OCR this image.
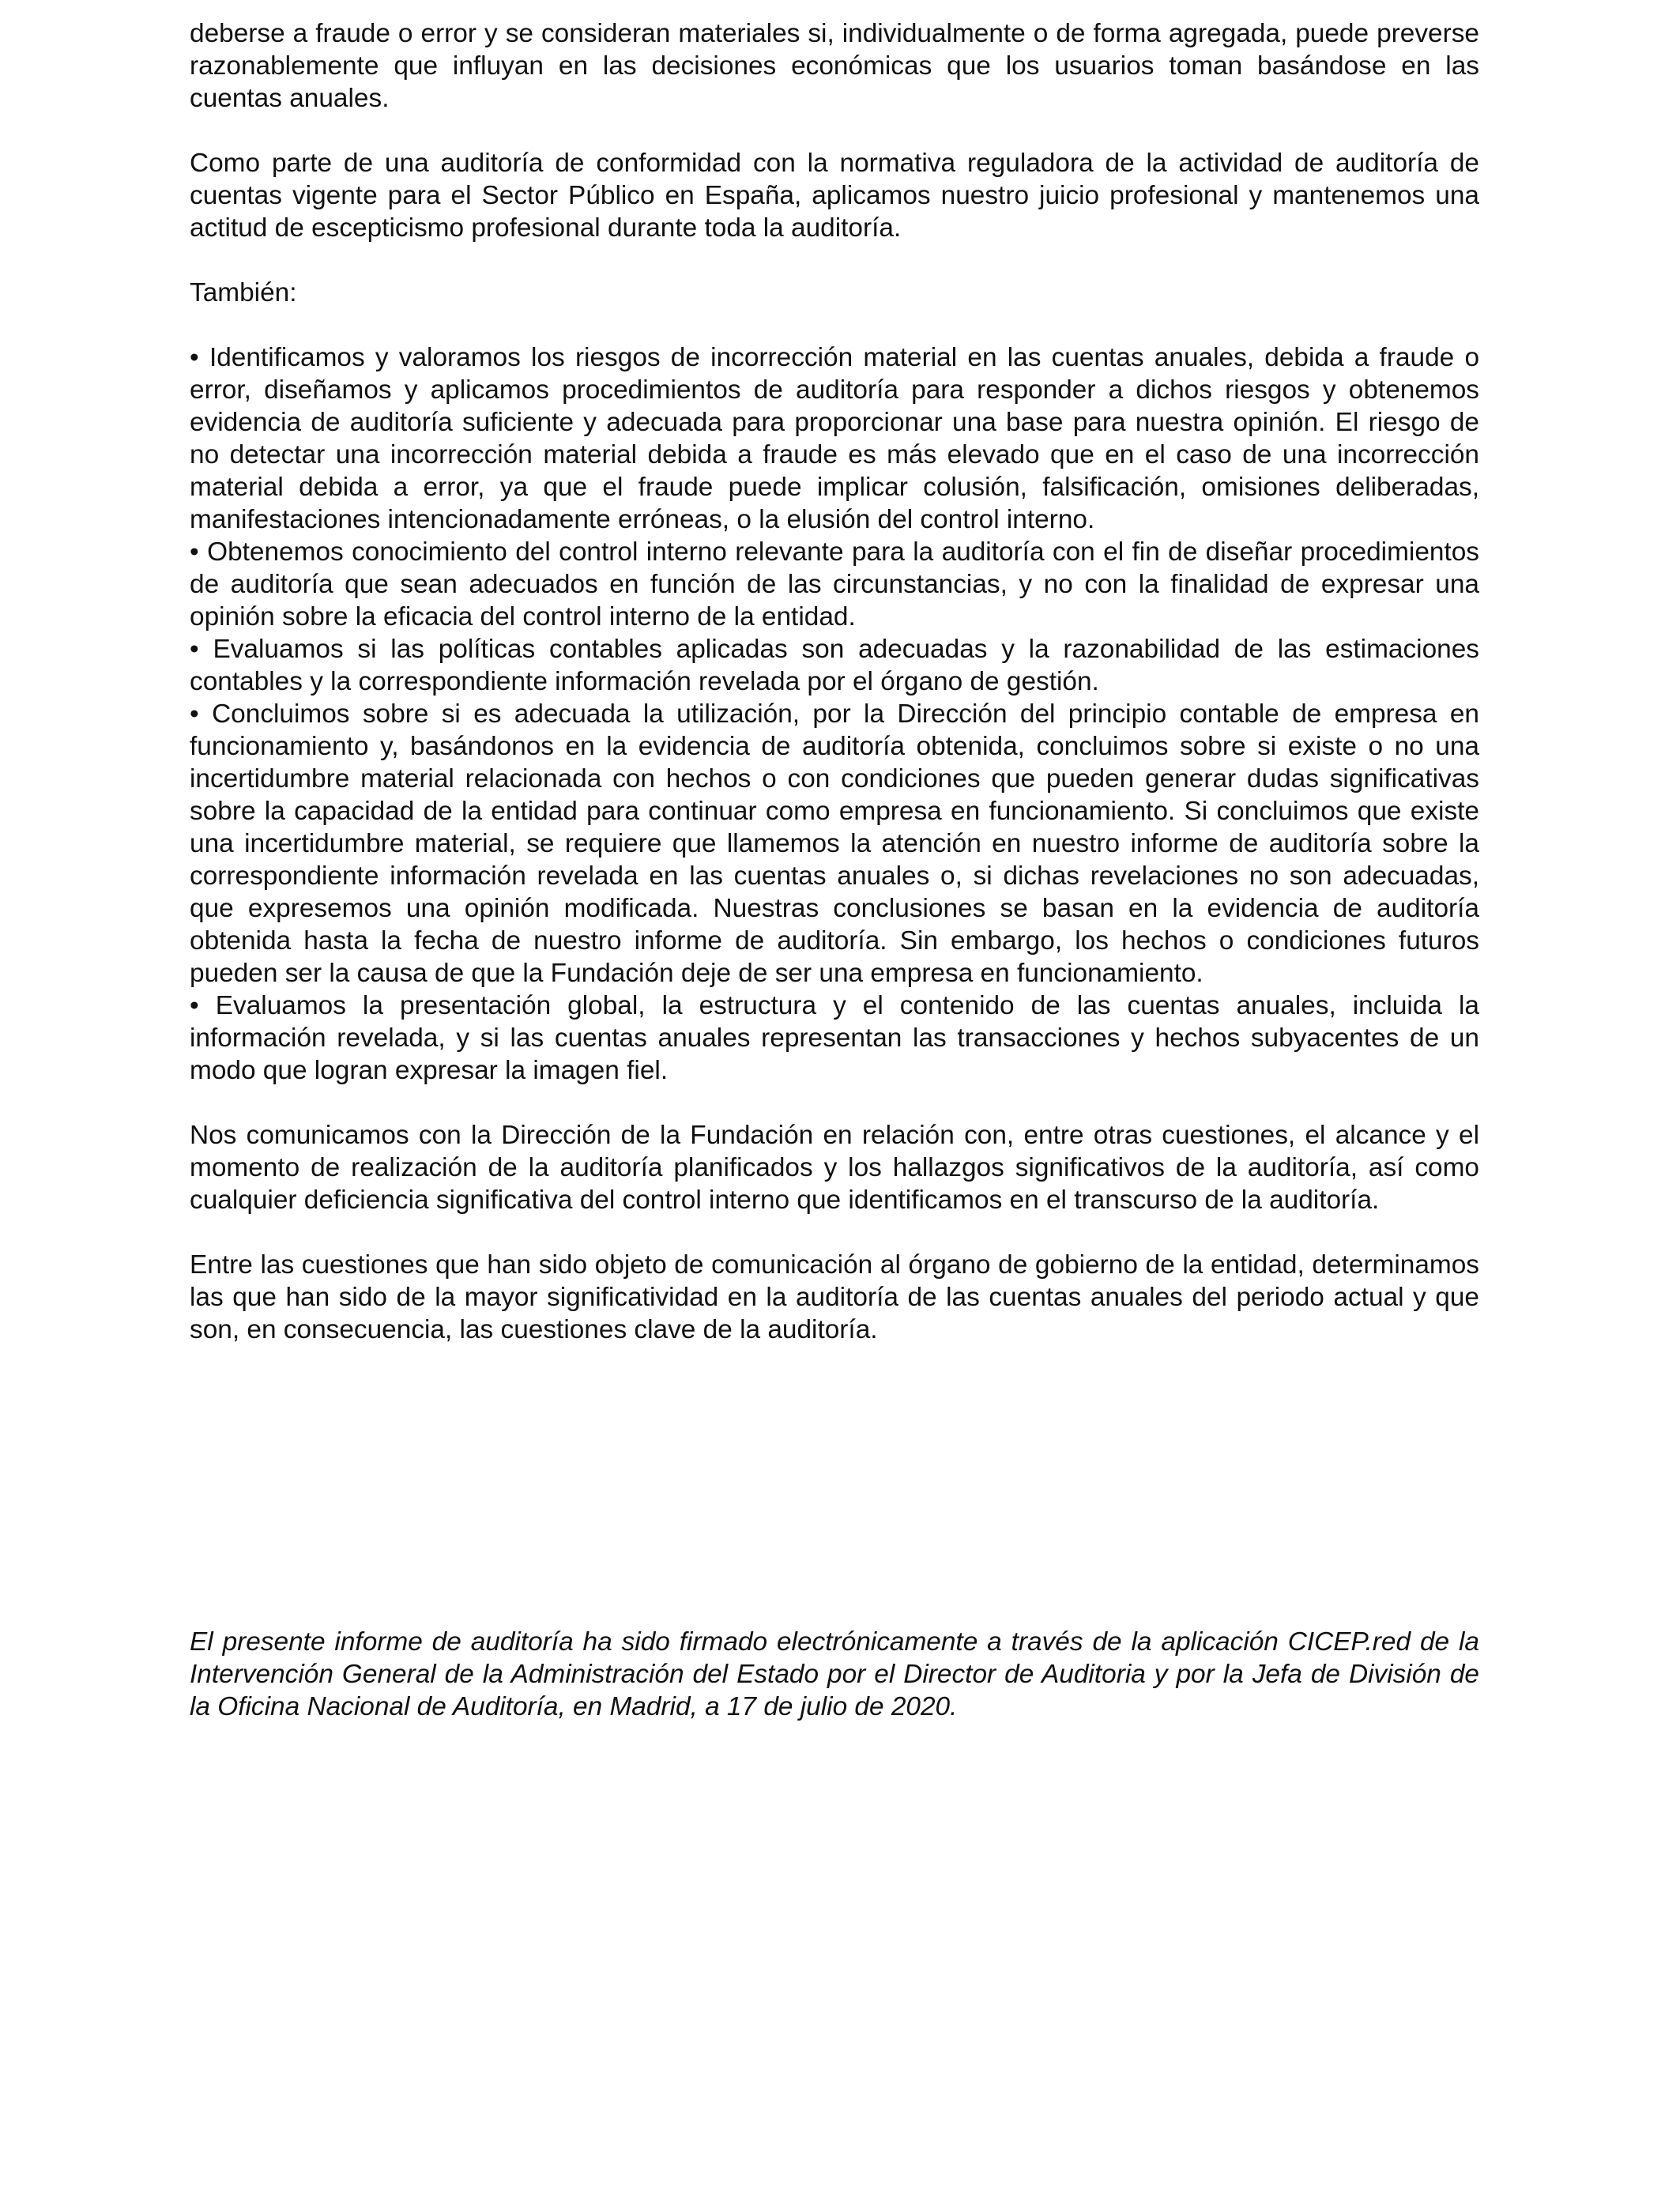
deberse a fraude o error y se consideran materiales si, individualmente o de forma agregada, puede preverse razonablemente que influyan en las decisiones económicas que los usuarios toman basándose en las cuentas anuales.

Como parte de una auditoría de conformidad con la normativa reguladora de la actividad de auditoría de cuentas vigente para el Sector Público en España, aplicamos nuestro juicio profesional y mantenemos una actitud de escepticismo profesional durante toda la auditoría.

También:

• Identificamos y valoramos los riesgos de incorrección material en las cuentas anuales, debida a fraude o error, diseñamos y aplicamos procedimientos de auditoría para responder a dichos riesgos y obtenemos evidencia de auditoría suficiente y adecuada para proporcionar una base para nuestra opinión. El riesgo de no detectar una incorrección material debida a fraude es más elevado que en el caso de una incorrección material debida a error, ya que el fraude puede implicar colusión, falsificación, omisiones deliberadas, manifestaciones intencionadamente erróneas, o la elusión del control interno.

• Obtenemos conocimiento del control interno relevante para la auditoría con el fin de diseñar procedimientos de auditoría que sean adecuados en función de las circunstancias, y no con la finalidad de expresar una opinión sobre la eficacia del control interno de la entidad.

• Evaluamos si las políticas contables aplicadas son adecuadas y la razonabilidad de las estimaciones contables y la correspondiente información revelada por el órgano de gestión.

• Concluimos sobre si es adecuada la utilización, por la Dirección del principio contable de empresa en funcionamiento y, basándonos en la evidencia de auditoría obtenida, concluimos sobre si existe o no una incertidumbre material relacionada con hechos o con condiciones que pueden generar dudas significativas sobre la capacidad de la entidad para continuar como empresa en funcionamiento. Si concluimos que existe una incertidumbre material, se requiere que llamemos la atención en nuestro informe de auditoría sobre la correspondiente información revelada en las cuentas anuales o, si dichas revelaciones no son adecuadas, que expresemos una opinión modificada. Nuestras conclusiones se basan en la evidencia de auditoría obtenida hasta la fecha de nuestro informe de auditoría. Sin embargo, los hechos o condiciones futuros pueden ser la causa de que la Fundación deje de ser una empresa en funcionamiento.

• Evaluamos la presentación global, la estructura y el contenido de las cuentas anuales, incluida la información revelada, y si las cuentas anuales representan las transacciones y hechos subyacentes de un modo que logran expresar la imagen fiel.

Nos comunicamos con la Dirección de la Fundación en relación con, entre otras cuestiones, el alcance y el momento de realización de la auditoría planificados y los hallazgos significativos de la auditoría, así como cualquier deficiencia significativa del control interno que identificamos en el transcurso de la auditoría.

Entre las cuestiones que han sido objeto de comunicación al órgano de gobierno de la entidad, determinamos las que han sido de la mayor significatividad en la auditoría de las cuentas anuales del periodo actual y que son, en consecuencia, las cuestiones clave de la auditoría.

El presente informe de auditoría ha sido firmado electrónicamente a través de la aplicación CICEP.red de la Intervención General de la Administración del Estado por el Director de Auditoria y por la Jefa de División de la Oficina Nacional de Auditoría, en Madrid, a 17 de julio de 2020.
